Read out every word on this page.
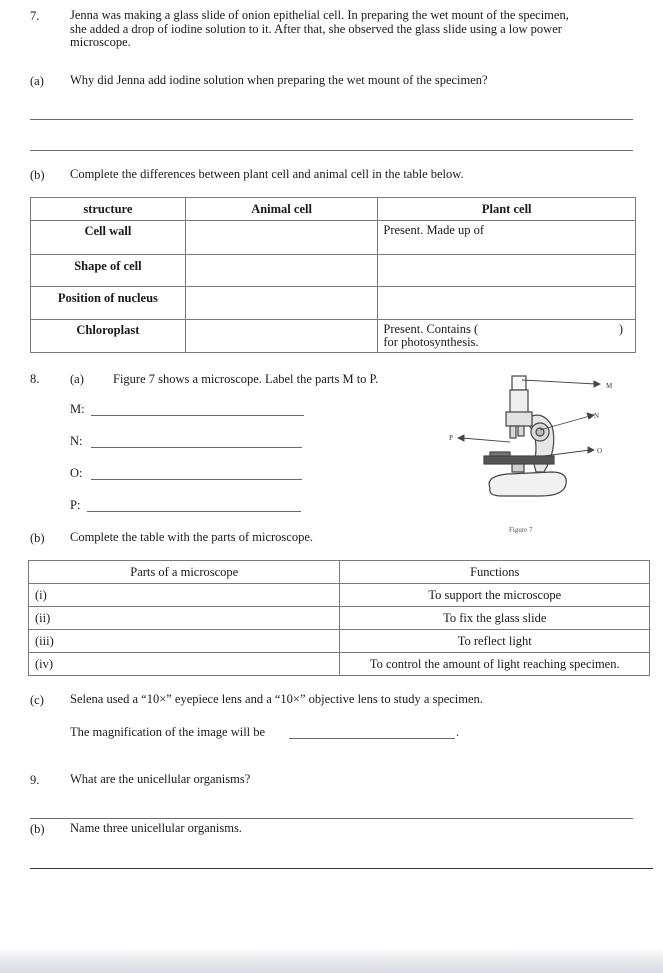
7. Jenna was making a glass slide of onion epithelial cell. In preparing the wet mount of the specimen,
she added a drop of iodine solution to it. After that, she observed the glass slide using a low power
microscope.
(a) Why did Jenna add iodine solution when preparing the wet mount of the specimen?
(b) Complete the differences between plant cell and animal cell in the table below.
structure	Animal cell	Plant cell
Cell wall		Present. Made up of
Shape of cell		
Position of nucleus		
Chloroplast		Present. Contains (
for photosynthesis.
)
8. (a) Figure 7 shows a microscope. Label the parts M to P.
M:
N:
O:
P:
M
N
O
P
Figure 7
(b) Complete the table with the parts of microscope.
Parts of a microscope	Functions
(i)	To support the microscope
(ii)	To fix the glass slide
(iii)	To reflect light
(iv)	To control the amount of light reaching specimen.
(c) Selena used a “10×” eyepiece lens and a “10×” objective lens to study a specimen.
The magnification of the image will be	.
9. What are the unicellular organisms?
(b) Name three unicellular organisms.
